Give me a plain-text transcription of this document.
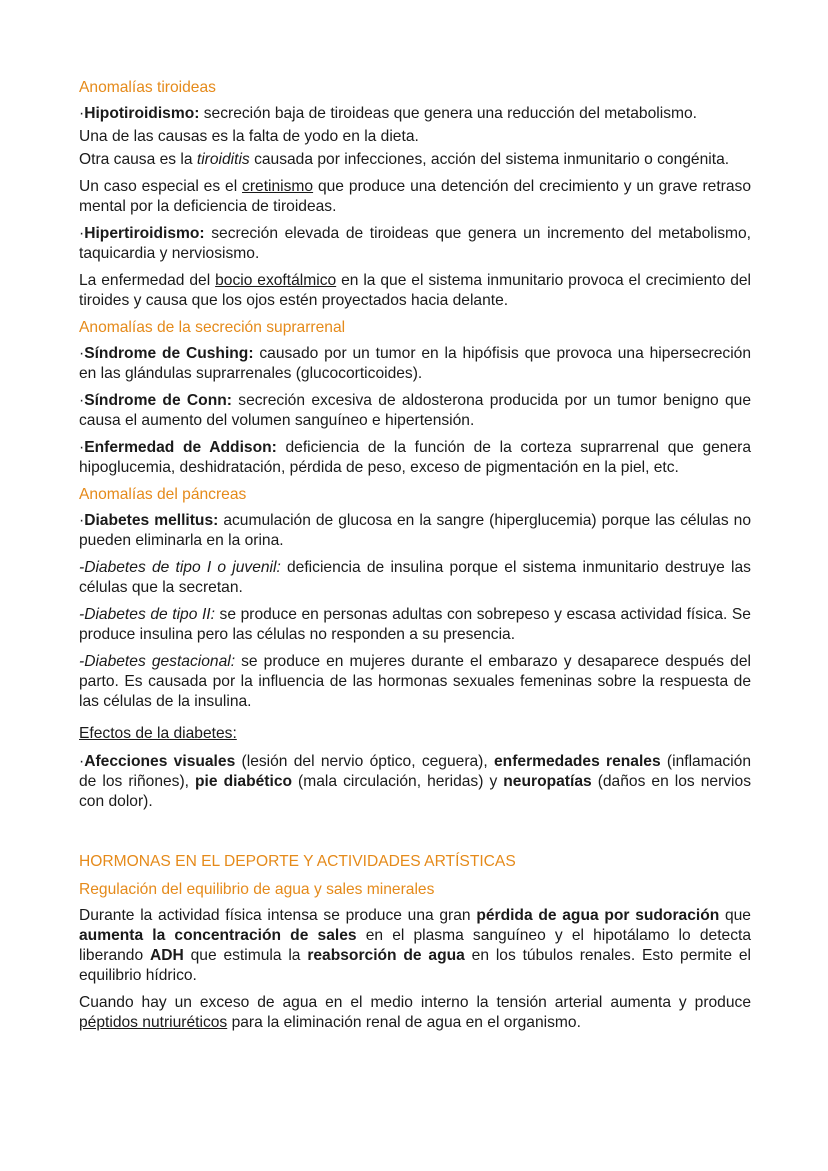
Anomalías tiroideas

·Hipotiroidismo: secreción baja de tiroideas que genera una reducción del metabolismo.

Una de las causas es la falta de yodo en la dieta.

Otra causa es la tiroiditis causada por infecciones, acción del sistema inmunitario o congénita.

Un caso especial es el cretinismo que produce una detención del crecimiento y un grave retraso mental por la deficiencia de tiroideas.

·Hipertiroidismo: secreción elevada de tiroideas que genera un incremento del metabolismo, taquicardia y nerviosismo.

La enfermedad del bocio exoftálmico en la que el sistema inmunitario provoca el crecimiento del tiroides y causa que los ojos estén proyectados hacia delante.

Anomalías de la secreción suprarrenal

·Síndrome de Cushing: causado por un tumor en la hipófisis que provoca una hipersecreción en las glándulas suprarrenales (glucocorticoides).

·Síndrome de Conn: secreción excesiva de aldosterona producida por un tumor benigno que causa el aumento del volumen sanguíneo e hipertensión.

·Enfermedad de Addison: deficiencia de la función de la corteza suprarrenal que genera hipoglucemia, deshidratación, pérdida de peso, exceso de pigmentación en la piel, etc.

Anomalías del páncreas

·Diabetes mellitus: acumulación de glucosa en la sangre (hiperglucemia) porque las células no pueden eliminarla en la orina.

-Diabetes de tipo I o juvenil: deficiencia de insulina porque el sistema inmunitario destruye las células que la secretan.

-Diabetes de tipo II: se produce en personas adultas con sobrepeso y escasa actividad física. Se produce insulina pero las células no responden a su presencia.

-Diabetes gestacional: se produce en mujeres durante el embarazo y desaparece después del parto. Es causada por la influencia de las hormonas sexuales femeninas sobre la respuesta de las células de la insulina.

Efectos de la diabetes:

·Afecciones visuales (lesión del nervio óptico, ceguera), enfermedades renales (inflamación de los riñones), pie diabético (mala circulación, heridas) y neuropatías (daños en los nervios con dolor).

HORMONAS EN EL DEPORTE Y ACTIVIDADES ARTÍSTICAS
Regulación del equilibrio de agua y sales minerales

Durante la actividad física intensa se produce una gran pérdida de agua por sudoración que aumenta la concentración de sales en el plasma sanguíneo y el hipotálamo lo detecta liberando ADH que estimula la reabsorción de agua en los túbulos renales. Esto permite el equilibrio hídrico.

Cuando hay un exceso de agua en el medio interno la tensión arterial aumenta y produce péptidos nutriuréticos para la eliminación renal de agua en el organismo.
